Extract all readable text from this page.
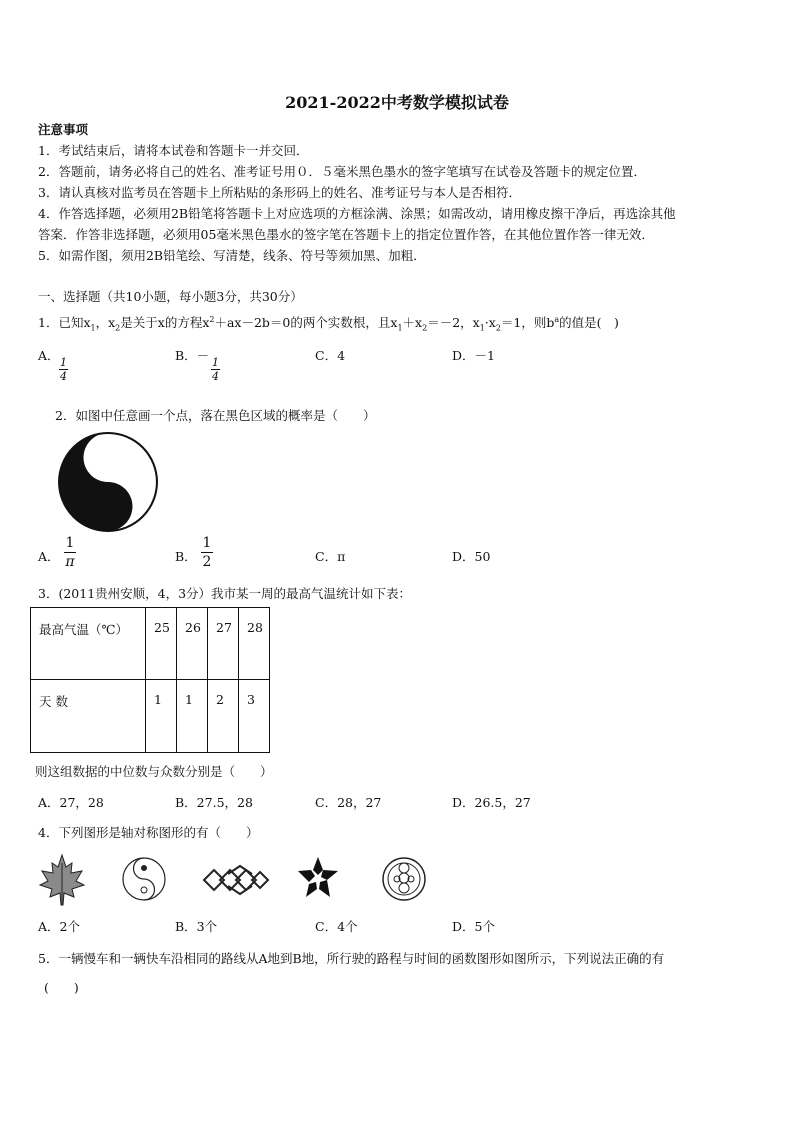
2021-2022中考数学模拟试卷
注意事项
1．考试结束后，请将本试卷和答题卡一并交回．
2．答题前，请务必将自己的姓名、准考证号用０．５毫米黑色墨水的签字笔填写在试卷及答题卡的规定位置．
3．请认真核对监考员在答题卡上所粘贴的条形码上的姓名、准考证号与本人是否相符．
4．作答选择题，必须用2B铅笔将答题卡上对应选项的方框涂满、涂黑；如需改动，请用橡皮擦干净后，再选涂其他
答案．作答非选择题，必须用05毫米黑色墨水的签字笔在答题卡上的指定位置作答，在其他位置作答一律无效．
5．如需作图，须用2B铅笔绘、写清楚，线条、符号等须加黑、加粗．
一、选择题（共10小题，每小题3分，共30分）
1．已知$x_1$，$x_2$是关于x的方程$x^2+ax-2b=0$的两个实数根，且$x_1+x_2=-2$，$x_1\cdot x_2=1$，则$b^a$的值是(　)
A． 1
4
B．－ 1
4
C．4	D．－1
2．如图中任意画一个点，落在黑色区域的概率是（　　）
A．
1
π	B．
1
2	C．π	D．50
3．(2011贵州安顺，4，3分）我市某一周的最高气温统计如下表：
最高气温（℃）	25	26	27	28
天 数	1	1	2	3
则这组数据的中位数与众数分别是（　　）
A．27，28	B．27.5，28	C．28，27	D．26.5，27
4．下列图形是轴对称图形的有（　　）
A．2个	B．3个	C．4个	D．5个
5．一辆慢车和一辆快车沿相同的路线从A地到B地，所行驶的路程与时间的函数图形如图所示，下列说法正确的有
(　　)
